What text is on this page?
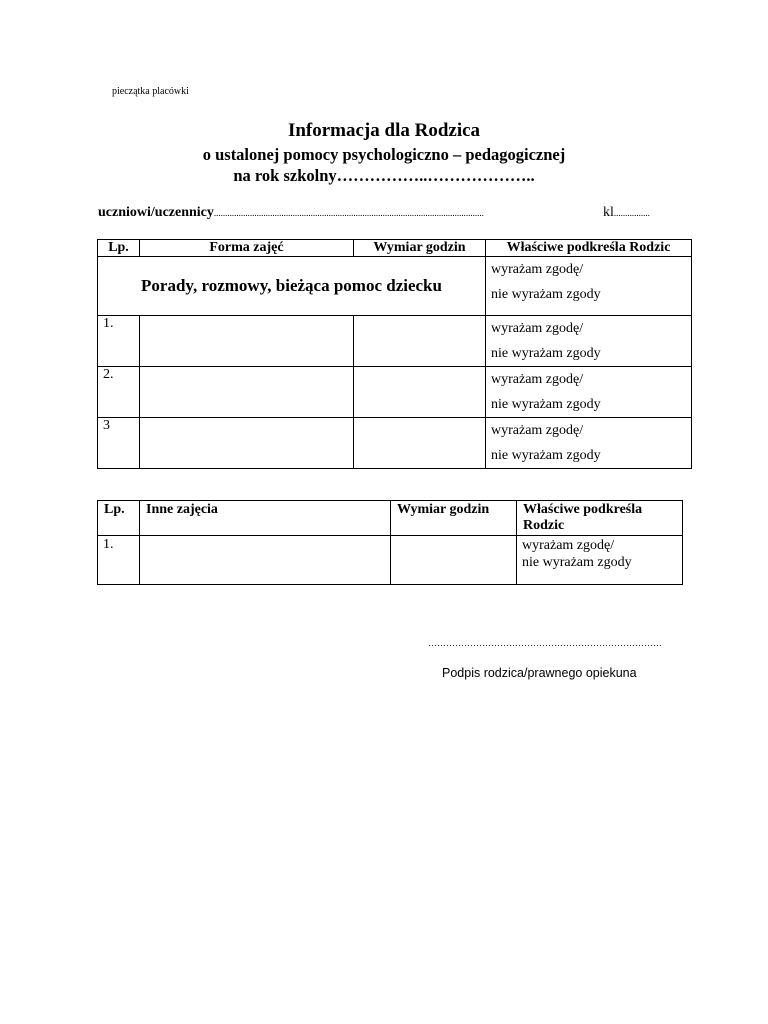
pieczątka placówki
Informacja dla Rodzica
o ustalonej pomocy psychologiczno – pedagogicznej
na rok szkolny……………..………………..
uczniowi/uczennicy........................................................................................................................	kl................
Lp.	Forma zajęć	Wymiar godzin	Właściwe podkreśla Rodzic
Porady, rozmowy, bieżąca pomoc dziecku			wyrażam zgodę/
nie wyrażam zgody

1.			wyrażam zgodę/
nie wyrażam zgody

2.			wyrażam zgodę/
nie wyrażam zgody

3			wyrażam zgodę/
nie wyrażam zgody
Lp.	Inne zajęcia	Wymiar godzin	Właściwe podkreśla Rodzic
1.			wyrażam zgodę/
nie wyrażam zgody
……………………………………………………………………
Podpis rodzica/prawnego opiekuna
